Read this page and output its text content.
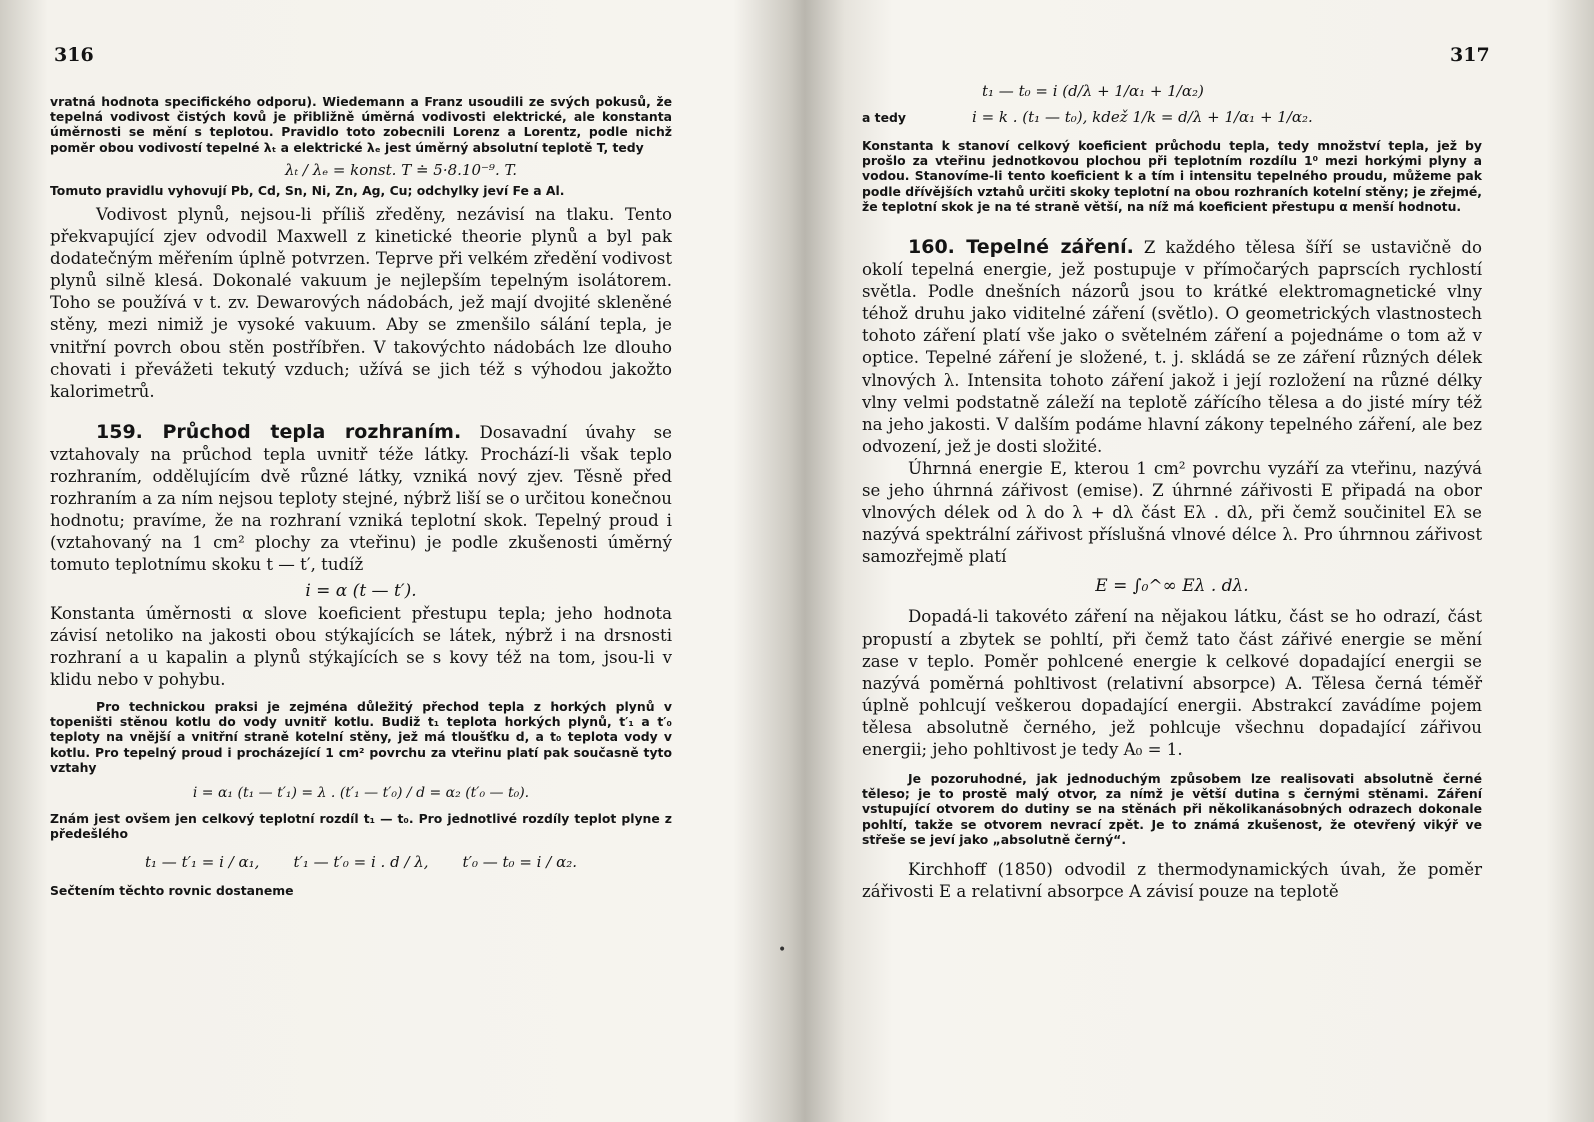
316

vratná hodnota specifického odporu). Wiedemann a Franz usoudili ze svých pokusů, že tepelná vodivost čistých kovů je přibližně úměrná vodivosti elektrické, ale konstanta úměrnosti se mění s teplotou. Pravidlo toto zobecnili Lorenz a Lorentz, podle nichž poměr obou vodivostí tepelné λₜ a elektrické λₑ jest úměrný absolutní teplotě T, tedy

λₜ / λₑ = konst. T ≐ 5·8.10⁻⁹. T.

Tomuto pravidlu vyhovují Pb, Cd, Sn, Ni, Zn, Ag, Cu; odchylky jeví Fe a Al.

Vodivost plynů, nejsou-li příliš zředěny, nezávisí na tlaku. Tento překvapující zjev odvodil Maxwell z kinetické theorie plynů a byl pak dodatečným měřením úplně potvrzen. Teprve při velkém zředění vodivost plynů silně klesá. Dokonalé vakuum je nejlepším tepelným isolátorem. Toho se používá v t. zv. Dewarových nádobách, jež mají dvojité skleněné stěny, mezi nimiž je vysoké vakuum. Aby se zmenšilo sálání tepla, je vnitřní povrch obou stěn postříbřen. V takovýchto nádobách lze dlouho chovati i převážeti tekutý vzduch; užívá se jich též s výhodou jakožto kalorimetrů.

159. Průchod tepla rozhraním. Dosavadní úvahy se vztahovaly na průchod tepla uvnitř téže látky. Prochází-li však teplo rozhraním, oddělujícím dvě různé látky, vzniká nový zjev. Těsně před rozhraním a za ním nejsou teploty stejné, nýbrž liší se o určitou konečnou hodnotu; pravíme, že na rozhraní vzniká teplotní skok. Tepelný proud i (vztahovaný na 1 cm² plochy za vteřinu) je podle zkušenosti úměrný tomuto teplotnímu skoku t — t′, tudíž

i = α (t — t′).

Konstanta úměrnosti α slove koeficient přestupu tepla; jeho hodnota závisí netoliko na jakosti obou stýkajících se látek, nýbrž i na drsnosti rozhraní a u kapalin a plynů stýkajících se s kovy též na tom, jsou-li v klidu nebo v pohybu.

Pro technickou praksi je zejména důležitý přechod tepla z horkých plynů v topeništi stěnou kotlu do vody uvnitř kotlu. Budiž t₁ teplota horkých plynů, t′₁ a t′₀ teploty na vnější a vnitřní straně kotelní stěny, jež má tloušťku d, a t₀ teplota vody v kotlu. Pro tepelný proud i procházející 1 cm² povrchu za vteřinu platí pak současně tyto vztahy

i = α₁ (t₁ — t′₁) = λ . (t′₁ — t′₀) / d = α₂ (t′₀ — t₀).

Znám jest ovšem jen celkový teplotní rozdíl t₁ — t₀. Pro jednotlivé rozdíly teplot plyne z předešlého

t₁ — t′₁ = i / α₁, t′₁ — t′₀ = i . d / λ, t′₀ — t₀ = i / α₂.

Sečtením těchto rovnic dostaneme

•
317

t₁ — t₀ = i (d/λ + 1/α₁ + 1/α₂)

a tedy	i = k . (t₁ — t₀), kdež 1/k = d/λ + 1/α₁ + 1/α₂.

Konstanta k stanoví celkový koeficient průchodu tepla, tedy množství tepla, jež by prošlo za vteřinu jednotkovou plochou při teplotním rozdílu 1⁰ mezi horkými plyny a vodou. Stanovíme-li tento koeficient k a tím i intensitu tepelného proudu, můžeme pak podle dřívějších vztahů určiti skoky teplotní na obou rozhraních kotelní stěny; je zřejmé, že teplotní skok je na té straně větší, na níž má koeficient přestupu α menší hodnotu.

160. Tepelné záření. Z každého tělesa šíří se ustavičně do okolí tepelná energie, jež postupuje v přímočarých paprscích rychlostí světla. Podle dnešních názorů jsou to krátké elektromagnetické vlny téhož druhu jako viditelné záření (světlo). O geometrických vlastnostech tohoto záření platí vše jako o světelném záření a pojednáme o tom až v optice. Tepelné záření je složené, t. j. skládá se ze záření různých délek vlnových λ. Intensita tohoto záření jakož i její rozložení na různé délky vlny velmi podstatně záleží na teplotě zářícího tělesa a do jisté míry též na jeho jakosti. V dalším podáme hlavní zákony tepelného záření, ale bez odvození, jež je dosti složité.

Úhrnná energie E, kterou 1 cm² povrchu vyzáří za vteřinu, nazývá se jeho úhrnná zářivost (emise). Z úhrnné zářivosti E připadá na obor vlnových délek od λ do λ + dλ část Eλ . dλ, při čemž součinitel Eλ se nazývá spektrální zářivost příslušná vlnové délce λ. Pro úhrnnou zářivost samozřejmě platí

E = ∫₀^∞ Eλ . dλ.

Dopadá-li takovéto záření na nějakou látku, část se ho odrazí, část propustí a zbytek se pohltí, při čemž tato část zářivé energie se mění zase v teplo. Poměr pohlcené energie k celkové dopadající energii se nazývá poměrná pohltivost (relativní absorpce) A. Tělesa černá téměř úplně pohlcují veškerou dopadající energii. Abstrakcí zavádíme pojem tělesa absolutně černého, jež pohlcuje všechnu dopadající zářivou energii; jeho pohltivost je tedy A₀ = 1.

Je pozoruhodné, jak jednoduchým způsobem lze realisovati absolutně černé těleso; je to prostě malý otvor, za nímž je větší dutina s černými stěnami. Záření vstupující otvorem do dutiny se na stěnách při několikanásobných odrazech dokonale pohltí, takže se otvorem nevrací zpět. Je to známá zkušenost, že otevřený vikýř ve střeše se jeví jako „absolutně černý“.

Kirchhoff (1850) odvodil z thermodynamických úvah, že poměr zářivosti E a relativní absorpce A závisí pouze na teplotě
